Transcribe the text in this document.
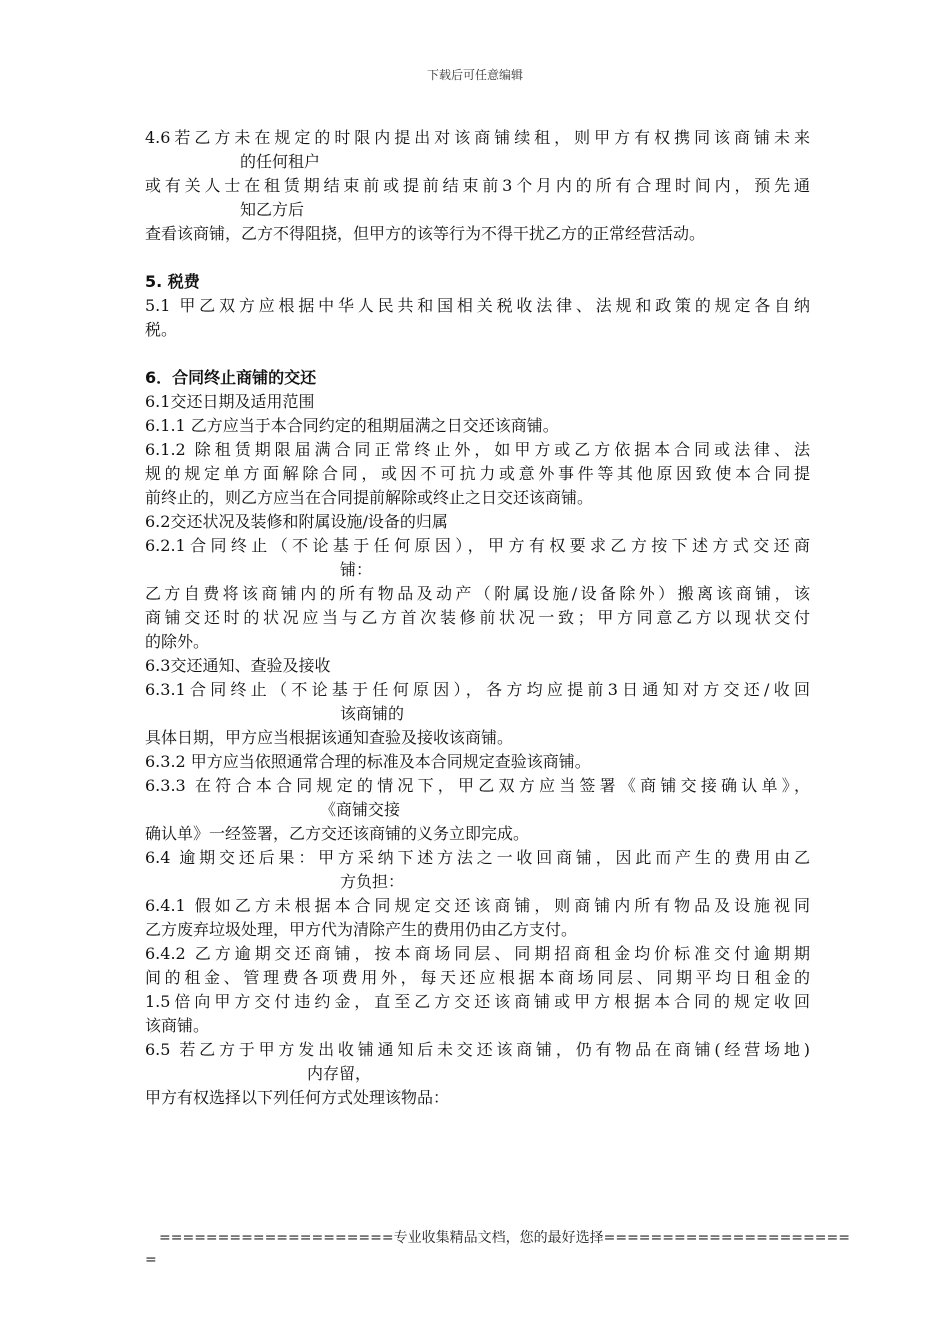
下载后可任意编辑
4.6若乙方未在规定的时限内提出对该商铺续租，则甲方有权携同该商铺未来
的任何租户
或有关人士在租赁期结束前或提前结束前3个月内的所有合理时间内，预先通
知乙方后
查看该商铺，乙方不得阻挠，但甲方的该等行为不得干扰乙方的正常经营活动。
5. 税费
5.1 甲乙双方应根据中华人民共和国相关税收法律、法规和政策的规定各自纳
税。
6．合同终止商铺的交还
6.1交还日期及适用范围
6.1.1 乙方应当于本合同约定的租期届满之日交还该商铺。
6.1.2 除租赁期限届满合同正常终止外，如甲方或乙方依据本合同或法律、法
规的规定单方面解除合同，或因不可抗力或意外事件等其他原因致使本合同提
前终止的，则乙方应当在合同提前解除或终止之日交还该商铺。
6.2交还状况及装修和附属设施/设备的归属
6.2.1合同终止（不论基于任何原因），甲方有权要求乙方按下述方式交还商
铺：
乙方自费将该商铺内的所有物品及动产（附属设施/设备除外）搬离该商铺，该
商铺交还时的状况应当与乙方首次装修前状况一致；甲方同意乙方以现状交付
的除外。
6.3交还通知、查验及接收
6.3.1合同终止（不论基于任何原因），各方均应提前3日通知对方交还/收回
该商铺的
具体日期，甲方应当根据该通知查验及接收该商铺。
6.3.2 甲方应当依照通常合理的标准及本合同规定查验该商铺。
6.3.3 在符合本合同规定的情况下，甲乙双方应当签署《商铺交接确认单》，
《商铺交接
确认单》一经签署，乙方交还该商铺的义务立即完成。
6.4 逾期交还后果：甲方采纳下述方法之一收回商铺，因此而产生的费用由乙
方负担：
6.4.1 假如乙方未根据本合同规定交还该商铺，则商铺内所有物品及设施视同
乙方废弃垃圾处理，甲方代为清除产生的费用仍由乙方支付。
6.4.2 乙方逾期交还商铺，按本商场同层、同期招商租金均价标准交付逾期期
间的租金、管理费各项费用外，每天还应根据本商场同层、同期平均日租金的
1.5倍向甲方交付违约金，直至乙方交还该商铺或甲方根据本合同的规定收回
该商铺。
6.5 若乙方于甲方发出收铺通知后未交还该商铺，仍有物品在商铺(经营场地)
内存留，
甲方有权选择以下列任何方式处理该物品：
====================专业收集精品文档，您的最好选择=====================
=
